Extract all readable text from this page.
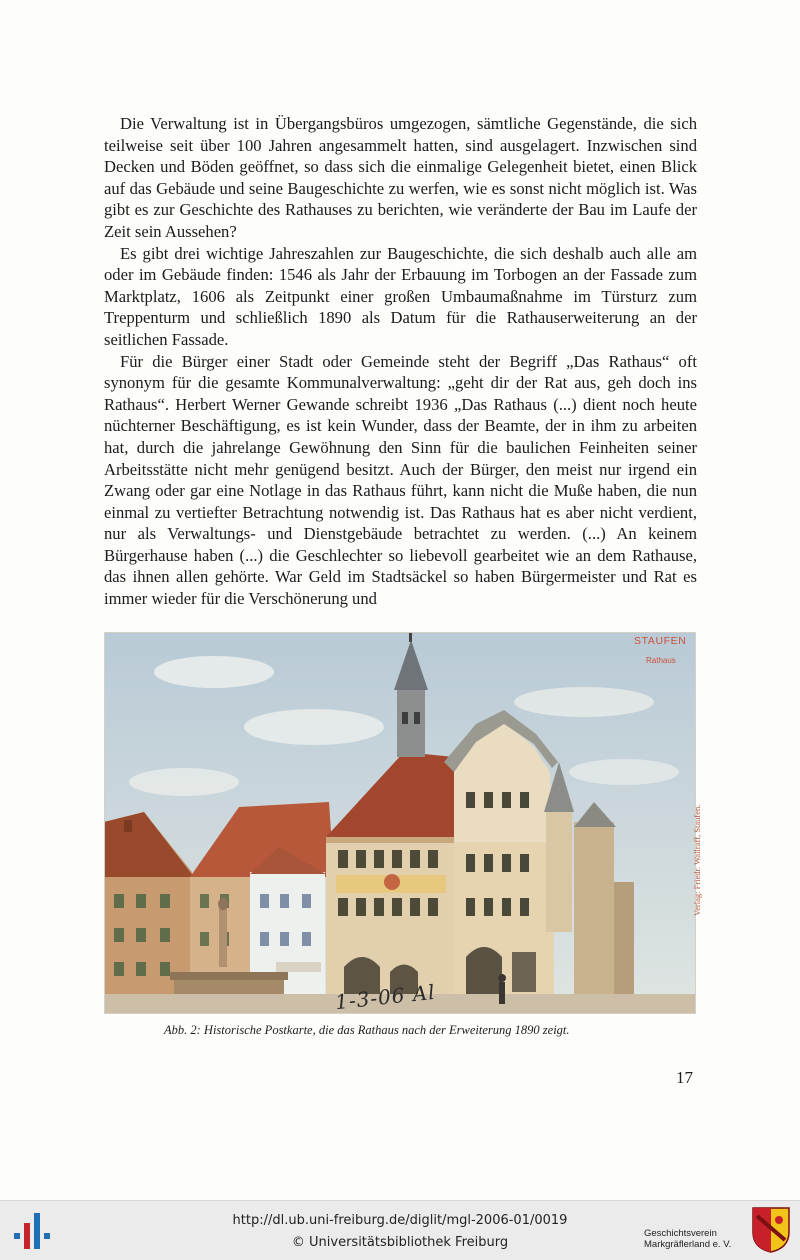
Die Verwaltung ist in Übergangsbüros umgezogen, sämtliche Gegenstände, die sich teilweise seit über 100 Jahren angesammelt hatten, sind ausgelagert. Inzwischen sind Decken und Böden geöffnet, so dass sich die einmalige Gelegenheit bietet, einen Blick auf das Gebäude und seine Baugeschichte zu werfen, wie es sonst nicht möglich ist. Was gibt es zur Geschichte des Rathauses zu berichten, wie veränderte der Bau im Laufe der Zeit sein Aussehen?

Es gibt drei wichtige Jahreszahlen zur Baugeschichte, die sich deshalb auch alle am oder im Gebäude finden: 1546 als Jahr der Erbauung im Torbogen an der Fassade zum Marktplatz, 1606 als Zeitpunkt einer großen Umbaumaßnahme im Türsturz zum Treppenturm und schließlich 1890 als Datum für die Rathauserweiterung an der seitlichen Fassade.

Für die Bürger einer Stadt oder Gemeinde steht der Begriff „Das Rathaus“ oft synonym für die gesamte Kommunalverwaltung: „geht dir der Rat aus, geh doch ins Rathaus“. Herbert Werner Gewande schreibt 1936 „Das Rathaus (...) dient noch heute nüchterner Beschäftigung, es ist kein Wunder, dass der Beamte, der in ihm zu arbeiten hat, durch die jahrelange Gewöhnung den Sinn für die baulichen Feinheiten seiner Arbeitsstätte nicht mehr genügend besitzt. Auch der Bürger, den meist nur irgend ein Zwang oder gar eine Notlage in das Rathaus führt, kann nicht die Muße haben, die nun einmal zu vertiefter Betrachtung notwendig ist. Das Rathaus hat es aber nicht verdient, nur als Verwaltungs- und Dienstgebäude betrachtet zu werden. (...) An keinem Bürgerhause haben (...) die Geschlechter so liebevoll gearbeitet wie an dem Rathause, das ihnen allen gehörte. War Geld im Stadtsäckel so haben Bürgermeister und Rat es immer wieder für die Verschönerung und

STAUFEN
Rathaus
Verlag: Friedr. Wallraff, Staufen.
1-3-06 Al
Abb. 2: Historische Postkarte, die das Rathaus nach der Erweiterung 1890 zeigt.
17
http://dl.ub.uni-freiburg.de/diglit/mgl-2006-01/0019
© Universitätsbibliothek Freiburg
Geschichtsverein
Markgräflerland e. V.
